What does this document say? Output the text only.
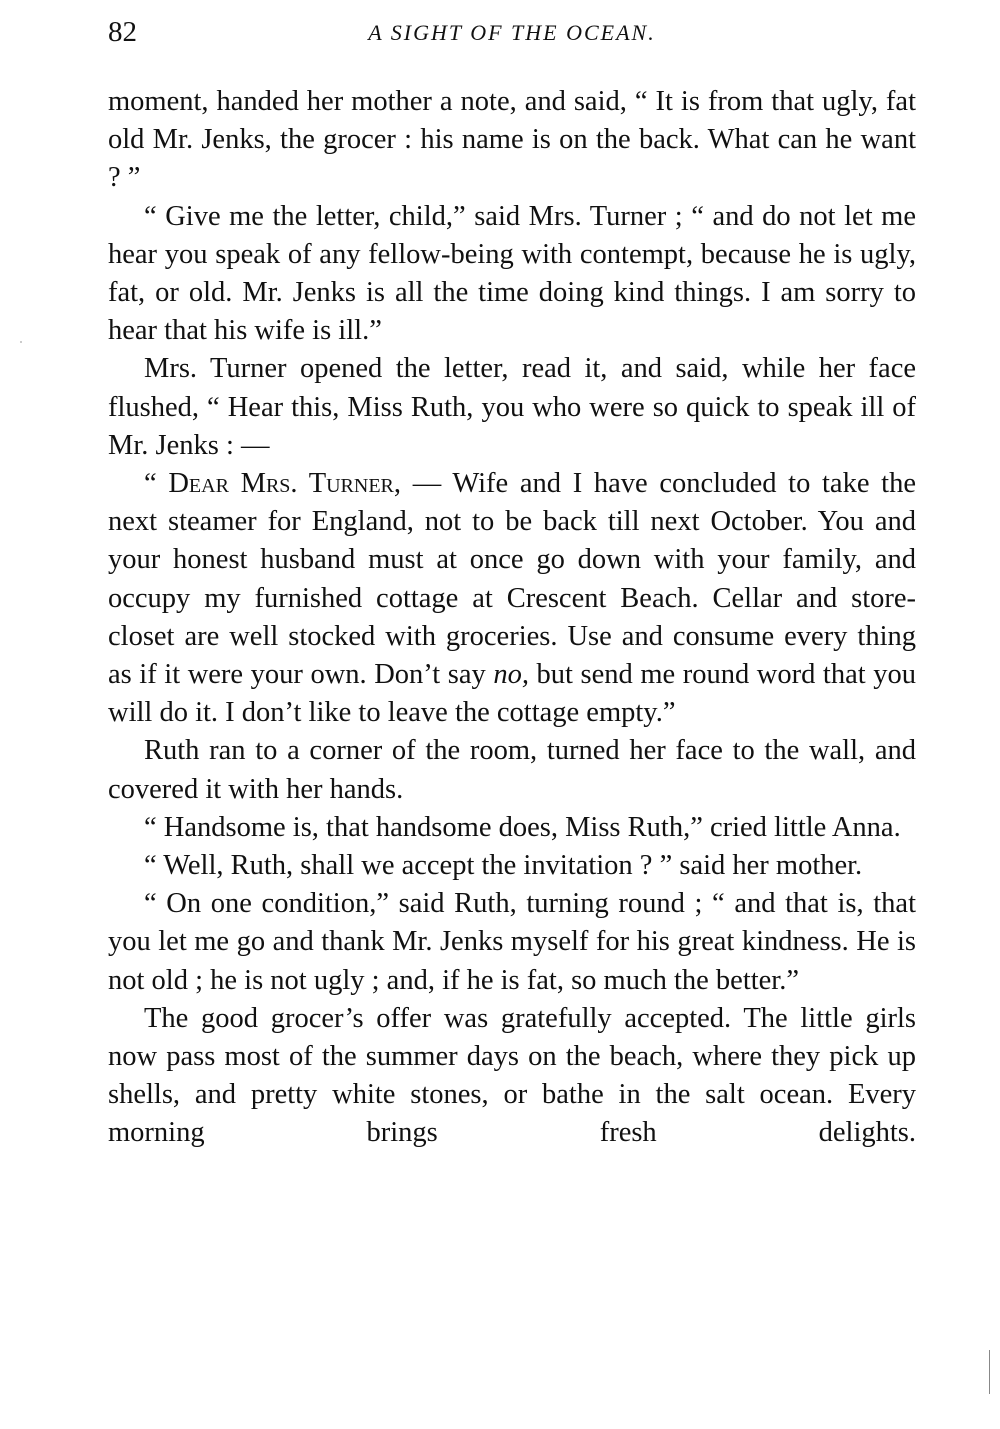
82	A SIGHT OF THE OCEAN.

moment, handed her mother a note, and said, “ It is from that ugly, fat old Mr. Jenks, the grocer : his name is on the back. What can he want ? ”

“ Give me the letter, child,” said Mrs. Turner ; “ and do not let me hear you speak of any fellow-being with contempt, because he is ugly, fat, or old. Mr. Jenks is all the time doing kind things. I am sorry to hear that his wife is ill.”

Mrs. Turner opened the letter, read it, and said, while her face flushed, “ Hear this, Miss Ruth, you who were so quick to speak ill of Mr. Jenks : —

“ Dear Mrs. Turner, — Wife and I have concluded to take the next steamer for England, not to be back till next October. You and your honest husband must at once go down with your family, and occupy my furnished cottage at Crescent Beach. Cellar and store-closet are well stocked with groceries. Use and consume every thing as if it were your own. Don’t say no, but send me round word that you will do it. I don’t like to leave the cottage empty.”

Ruth ran to a corner of the room, turned her face to the wall, and covered it with her hands.

“ Handsome is, that handsome does, Miss Ruth,” cried little Anna.

“ Well, Ruth, shall we accept the invitation ? ” said her mother.

“ On one condition,” said Ruth, turning round ; “ and that is, that you let me go and thank Mr. Jenks myself for his great kindness. He is not old ; he is not ugly ; and, if he is fat, so much the better.”

The good grocer’s offer was gratefully accepted. The little girls now pass most of the summer days on the beach, where they pick up shells, and pretty white stones, or bathe in the salt ocean. Every morning brings fresh delights.
